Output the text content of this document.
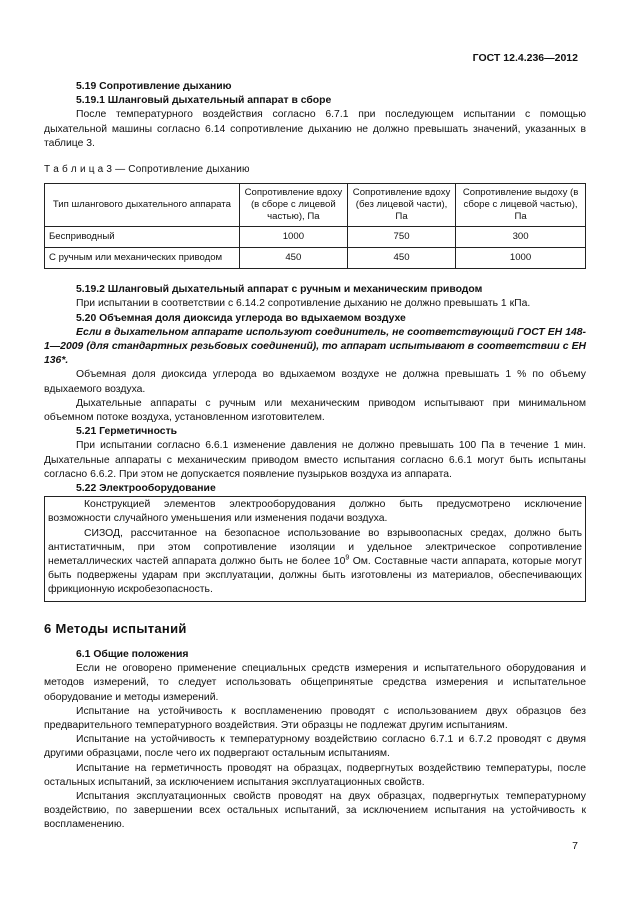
ГОСТ 12.4.236—2012

5.19 Сопротивление дыханию

5.19.1 Шланговый дыхательный аппарат в сборе

После температурного воздействия согласно 6.7.1 при последующем испытании с помощью дыхательной машины согласно 6.14 сопротивление дыханию не должно превышать значений, указанных в таблице 3.

Т а б л и ц а 3 — Сопротивление дыханию

Тип шлангового дыхательного аппарата	Сопротивление вдоху (в сборе с лицевой частью), Па	Сопротивление вдоху (без лицевой части), Па	Сопротивление выдоху (в сборе с лицевой частью), Па
Бесприводный	1000	750	300
С ручным или механических приводом	450	450	1000

5.19.2 Шланговый дыхательный аппарат с ручным и механическим приводом

При испытании в соответствии с 6.14.2 сопротивление дыханию не должно превышать 1 кПа.

5.20 Объемная доля диоксида углерода во вдыхаемом воздухе

Если в дыхательном аппарате используют соединитель, не соответствующий ГОСТ ЕН 148-1—2009 (для стандартных резьбовых соединений), то аппарат испытывают в соответствии с ЕН 136*.

Объемная доля диоксида углерода во вдыхаемом воздухе не должна превышать 1 % по объему вдыхаемого воздуха.

Дыхательные аппараты с ручным или механическим приводом испытывают при минимальном объемном потоке воздуха, установленном изготовителем.

5.21 Герметичность

При испытании согласно 6.6.1 изменение давления не должно превышать 100 Па в течение 1 мин. Дыхательные аппараты с механическим приводом вместо испытания согласно 6.6.1 могут быть испытаны согласно 6.6.2. При этом не допускается появление пузырьков воздуха из аппарата.

5.22 Электрооборудование

Конструкцией элементов электрооборудования должно быть предусмотрено исключение возможности случайного уменьшения или изменения подачи воздуха.

СИЗОД, рассчитанное на безопасное использование во взрывоопасных средах, должно быть антистатичным, при этом сопротивление изоляции и удельное электрическое сопротивление неметаллических частей аппарата должно быть не более $10^9$ Ом. Составные части аппарата, которые могут быть подвержены ударам при эксплуатации, должны быть изготовлены из материалов, обеспечивающих фрикционную искробезопасность.

6 Методы испытаний

6.1 Общие положения

Если не оговорено применение специальных средств измерения и испытательного оборудования и методов измерений, то следует использовать общепринятые средства измерения и испытательное оборудование и методы измерений.

Испытание на устойчивость к воспламенению проводят с использованием двух образцов без предварительного температурного воздействия. Эти образцы не подлежат другим испытаниям.

Испытание на устойчивость к температурному воздействию согласно 6.7.1 и 6.7.2 проводят с двумя другими образцами, после чего их подвергают остальным испытаниям.

Испытание на герметичность проводят на образцах, подвергнутых воздействию температуры, после остальных испытаний, за исключением испытания эксплуатационных свойств.

Испытания эксплуатационных свойств проводят на двух образцах, подвергнутых температурному воздействию, по завершении всех остальных испытаний, за исключением испытания на устойчивость к воспламенению.

7
